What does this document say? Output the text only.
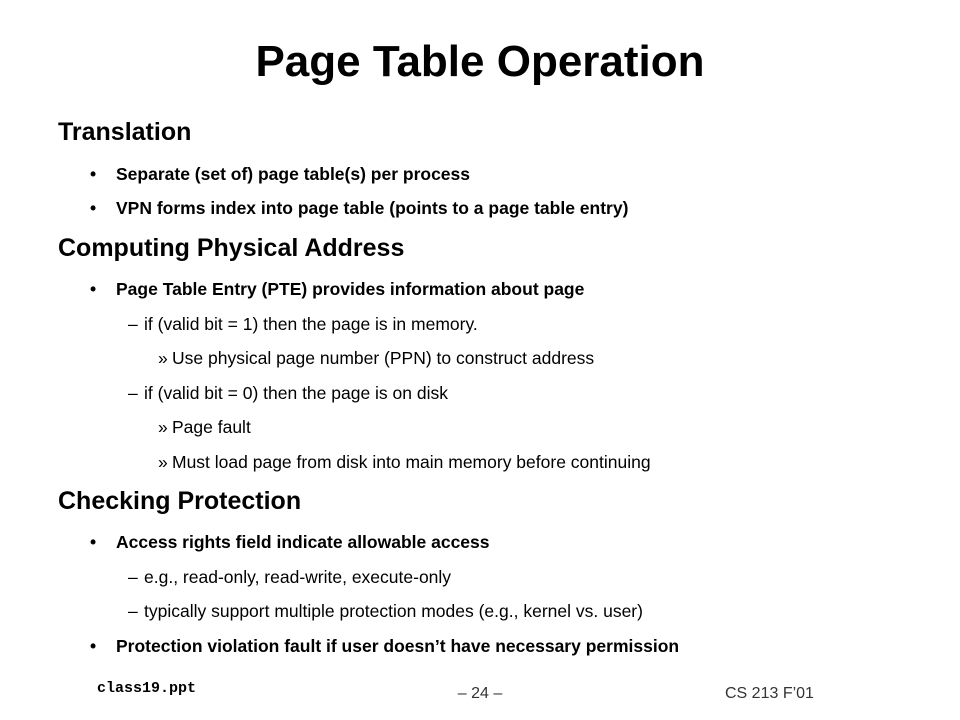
Page Table Operation
Translation
• Separate (set of) page table(s) per process
• VPN forms index into page table (points to a page table entry)
Computing Physical Address
• Page Table Entry (PTE) provides information about page
– if (valid bit = 1) then the page is in memory.
» Use physical page number (PPN) to construct address
– if (valid bit = 0) then the page is on disk
» Page fault
» Must load page from disk into main memory before continuing
Checking Protection
• Access rights field indicate allowable access
– e.g., read-only, read-write, execute-only
– typically support multiple protection modes (e.g., kernel vs. user)
• Protection violation fault if user doesn’t have necessary permission
class19.ppt	– 24 –	CS 213 F’01
